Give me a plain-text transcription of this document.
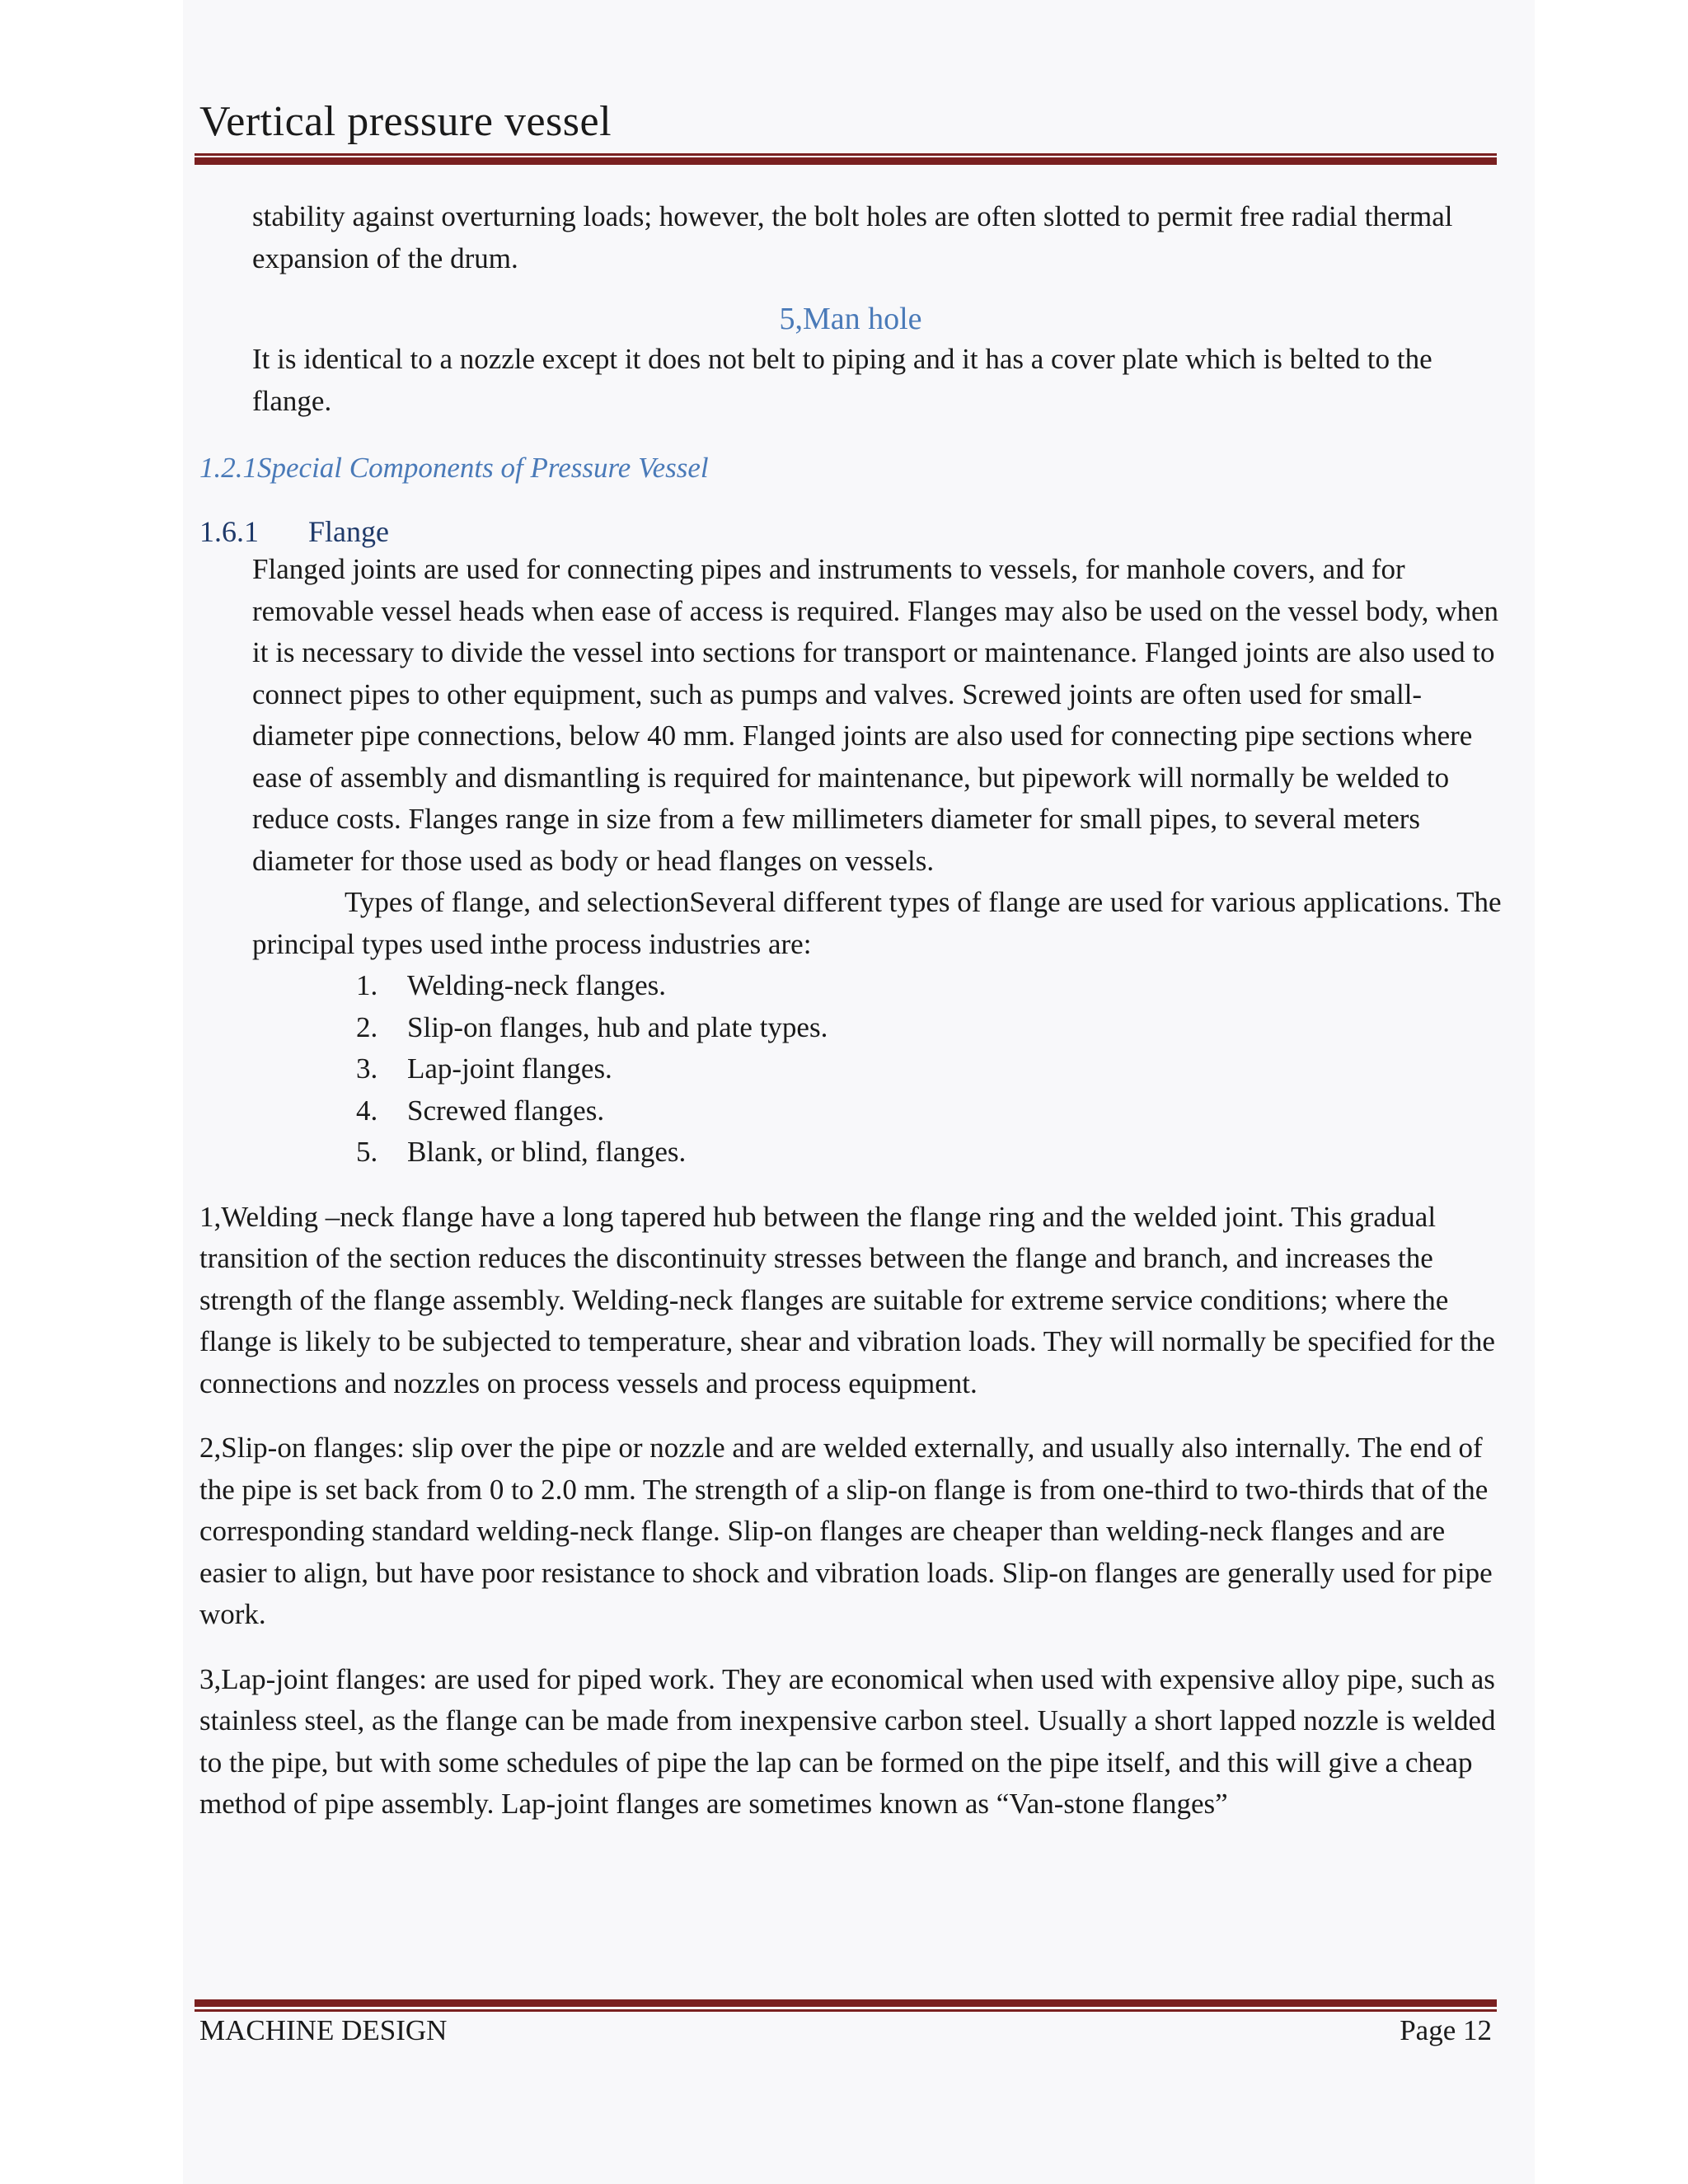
Vertical pressure vessel
stability against overturning loads; however, the bolt holes are often slotted to permit free radial thermal expansion of the drum.
5,Man hole
It is identical to a nozzle except it does not belt to piping and it has a cover plate which is belted to the flange.
1.2.1Special Components of Pressure Vessel
1.6.1	Flange
Flanged joints are used for connecting pipes and instruments to vessels, for manhole covers, and for removable vessel heads when ease of access is required. Flanges may also be used on the vessel body, when it is necessary to divide the vessel into sections for transport or maintenance. Flanged joints are also used to connect pipes to other equipment, such as pumps and valves. Screwed joints are often used for small-diameter pipe connections, below 40 mm. Flanged joints are also used for connecting pipe sections where ease of assembly and dismantling is required for maintenance, but pipework will normally be welded to reduce costs. Flanges range in size from a few millimeters diameter for small pipes, to several meters diameter for those used as body or head flanges on vessels.
Types of flange, and selectionSeveral different types of flange are used for various applications. The principal types used inthe process industries are:
1.	Welding-neck flanges.
2.	Slip-on flanges, hub and plate types.
3.	Lap-joint flanges.
4.	Screwed flanges.
5.	Blank, or blind, flanges.
1,Welding –neck flange have a long tapered hub between the flange ring and the welded joint. This gradual transition of the section reduces the discontinuity stresses between the flange and branch, and increases the strength of the flange assembly. Welding-neck flanges are suitable for extreme service conditions; where the flange is likely to be subjected to temperature, shear and vibration loads. They will normally be specified for the connections and nozzles on process vessels and process equipment.
2,Slip-on flanges: slip over the pipe or nozzle and are welded externally, and usually also internally. The end of the pipe is set back from 0 to 2.0 mm. The strength of a slip-on flange is from one-third to two-thirds that of the corresponding standard welding-neck flange. Slip-on flanges are cheaper than welding-neck flanges and are easier to align, but have poor resistance to shock and vibration loads. Slip-on flanges are generally used for pipe work.
3,Lap-joint flanges: are used for piped work. They are economical when used with expensive alloy pipe, such as stainless steel, as the flange can be made from inexpensive carbon steel. Usually a short lapped nozzle is welded to the pipe, but with some schedules of pipe the lap can be formed on the pipe itself, and this will give a cheap method of pipe assembly. Lap-joint flanges are sometimes known as “Van-stone flanges”
MACHINE DESIGN	Page 12
